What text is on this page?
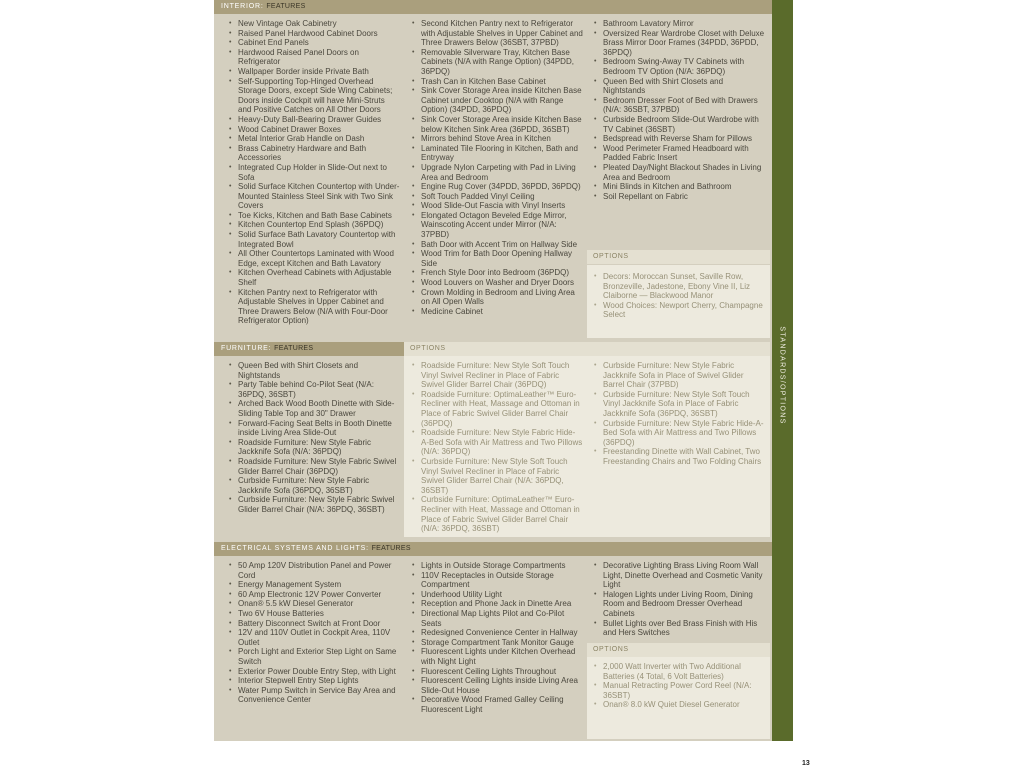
STANDARDS/OPTIONS
INTERIOR: FEATURES
• New Vintage Oak Cabinetry
• Raised Panel Hardwood Cabinet Doors
• Cabinet End Panels
• Hardwood Raised Panel Doors on Refrigerator
• Wallpaper Border inside Private Bath
• Self-Supporting Top-Hinged Overhead Storage Doors, except Side Wing Cabinets; Doors inside Cockpit will have Mini-Struts and Positive Catches on All Other Doors
• Heavy-Duty Ball-Bearing Drawer Guides
• Wood Cabinet Drawer Boxes
• Metal Interior Grab Handle on Dash
• Brass Cabinetry Hardware and Bath Accessories
• Integrated Cup Holder in Slide-Out next to Sofa
• Solid Surface Kitchen Countertop with Under-Mounted Stainless Steel Sink with Two Sink Covers
• Toe Kicks, Kitchen and Bath Base Cabinets
• Kitchen Countertop End Splash (36PDQ)
• Solid Surface Bath Lavatory Countertop with Integrated Bowl
• All Other Countertops Laminated with Wood Edge, except Kitchen and Bath Lavatory
• Kitchen Overhead Cabinets with Adjustable Shelf
• Kitchen Pantry next to Refrigerator with Adjustable Shelves in Upper Cabinet and Three Drawers Below (N/A with Four-Door Refrigerator Option)
• Second Kitchen Pantry next to Refrigerator with Adjustable Shelves in Upper Cabinet and Three Drawers Below (36SBT, 37PBD)
• Removable Silverware Tray, Kitchen Base Cabinets (N/A with Range Option) (34PDD, 36PDQ)
• Trash Can in Kitchen Base Cabinet
• Sink Cover Storage Area inside Kitchen Base Cabinet under Cooktop (N/A with Range Option) (34PDD, 36PDQ)
• Sink Cover Storage Area inside Kitchen Base below Kitchen Sink Area (36PDD, 36SBT)
• Mirrors behind Stove Area in Kitchen
• Laminated Tile Flooring in Kitchen, Bath and Entryway
• Upgrade Nylon Carpeting with Pad in Living Area and Bedroom
• Engine Rug Cover (34PDD, 36PDD, 36PDQ)
• Soft Touch Padded Vinyl Ceiling
• Wood Slide-Out Fascia with Vinyl Inserts
• Elongated Octagon Beveled Edge Mirror, Wainscoting Accent under Mirror (N/A: 37PBD)
• Bath Door with Accent Trim on Hallway Side
• Wood Trim for Bath Door Opening Hallway Side
• French Style Door into Bedroom (36PDQ)
• Wood Louvers on Washer and Dryer Doors
• Crown Molding in Bedroom and Living Area on All Open Walls
• Medicine Cabinet
• Bathroom Lavatory Mirror
• Oversized Rear Wardrobe Closet with Deluxe Brass Mirror Door Frames (34PDD, 36PDD, 36PDQ)
• Bedroom Swing-Away TV Cabinets with Bedroom TV Option (N/A: 36PDQ)
• Queen Bed with Shirt Closets and Nightstands
• Bedroom Dresser Foot of Bed with Drawers (N/A: 36SBT, 37PBD)
• Curbside Bedroom Slide-Out Wardrobe with TV Cabinet (36SBT)
• Bedspread with Reverse Sham for Pillows
• Wood Perimeter Framed Headboard with Padded Fabric Insert
• Pleated Day/Night Blackout Shades in Living Area and Bedroom
• Mini Blinds in Kitchen and Bathroom
• Soil Repellant on Fabric
OPTIONS
• Decors: Moroccan Sunset, Saville Row, Bronzeville, Jadestone, Ebony Vine II, Liz Claiborne — Blackwood Manor
• Wood Choices: Newport Cherry, Champagne Select
FURNITURE: FEATURES	OPTIONS
• Queen Bed with Shirt Closets and Nightstands
• Party Table behind Co-Pilot Seat (N/A: 36PDQ, 36SBT)
• Arched Back Wood Booth Dinette with Side-Sliding Table Top and 30" Drawer
• Forward-Facing Seat Belts in Booth Dinette inside Living Area Slide-Out
• Roadside Furniture: New Style Fabric Jackknife Sofa (N/A: 36PDQ)
• Roadside Furniture: New Style Fabric Swivel Glider Barrel Chair (36PDQ)
• Curbside Furniture: New Style Fabric Jackknife Sofa (36PDQ, 36SBT)
• Curbside Furniture: New Style Fabric Swivel Glider Barrel Chair (N/A: 36PDQ, 36SBT)
• Roadside Furniture: New Style Soft Touch Vinyl Swivel Recliner in Place of Fabric Swivel Glider Barrel Chair (36PDQ)
• Roadside Furniture: OptimaLeather™ Euro-Recliner with Heat, Massage and Ottoman in Place of Fabric Swivel Glider Barrel Chair (36PDQ)
• Roadside Furniture: New Style Fabric Hide-A-Bed Sofa with Air Mattress and Two Pillows (N/A: 36PDQ)
• Curbside Furniture: New Style Soft Touch Vinyl Swivel Recliner in Place of Fabric Swivel Glider Barrel Chair (N/A: 36PDQ, 36SBT)
• Curbside Furniture: OptimaLeather™ Euro-Recliner with Heat, Massage and Ottoman in Place of Fabric Swivel Glider Barrel Chair (N/A: 36PDQ, 36SBT)
• Curbside Furniture: New Style Fabric Jackknife Sofa in Place of Swivel Glider Barrel Chair (37PBD)
• Curbside Furniture: New Style Soft Touch Vinyl Jackknife Sofa in Place of Fabric Jackknife Sofa (36PDQ, 36SBT)
• Curbside Furniture: New Style Fabric Hide-A-Bed Sofa with Air Mattress and Two Pillows (36PDQ)
• Freestanding Dinette with Wall Cabinet, Two Freestanding Chairs and Two Folding Chairs
ELECTRICAL SYSTEMS AND LIGHTS: FEATURES
• 50 Amp 120V Distribution Panel and Power Cord
• Energy Management System
• 60 Amp Electronic 12V Power Converter
• Onan® 5.5 kW Diesel Generator
• Two 6V House Batteries
• Battery Disconnect Switch at Front Door
• 12V and 110V Outlet in Cockpit Area, 110V Outlet
• Porch Light and Exterior Step Light on Same Switch
• Exterior Power Double Entry Step, with Light
• Interior Stepwell Entry Step Lights
• Water Pump Switch in Service Bay Area and Convenience Center
• Lights in Outside Storage Compartments
• 110V Receptacles in Outside Storage Compartment
• Underhood Utility Light
• Reception and Phone Jack in Dinette Area
• Directional Map Lights Pilot and Co-Pilot Seats
• Redesigned Convenience Center in Hallway
• Storage Compartment Tank Monitor Gauge
• Fluorescent Lights under Kitchen Overhead with Night Light
• Fluorescent Ceiling Lights Throughout
• Fluorescent Ceiling Lights inside Living Area Slide-Out House
• Decorative Wood Framed Galley Ceiling Fluorescent Light
• Decorative Lighting Brass Living Room Wall Light, Dinette Overhead and Cosmetic Vanity Light
• Halogen Lights under Living Room, Dining Room and Bedroom Dresser Overhead Cabinets
• Bullet Lights over Bed Brass Finish with His and Hers Switches
OPTIONS
• 2,000 Watt Inverter with Two Additional Batteries (4 Total, 6 Volt Batteries)
• Manual Retracting Power Cord Reel (N/A: 36SBT)
• Onan® 8.0 kW Quiet Diesel Generator
13
